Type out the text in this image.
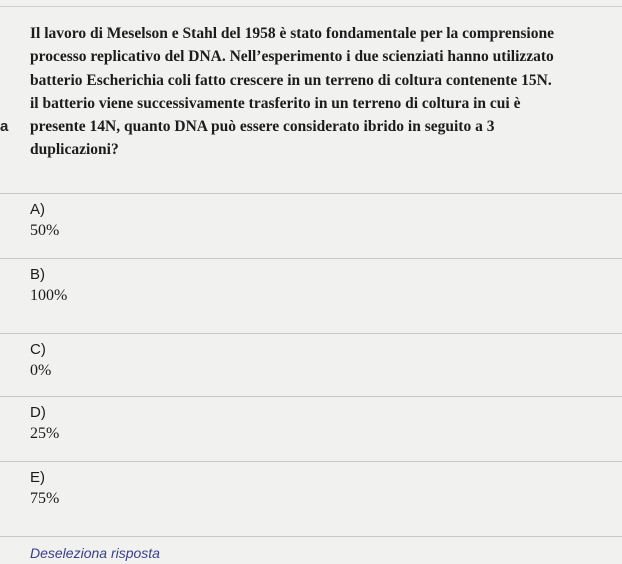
a
Il lavoro di Meselson e Stahl del 1958 è stato fondamentale per la comprensione
processo replicativo del DNA. Nell’esperimento i due scienziati hanno utilizzato
batterio Escherichia coli fatto crescere in un terreno di coltura contenente 15N.
il batterio viene successivamente trasferito in un terreno di coltura in cui è
presente 14N, quanto DNA può essere considerato ibrido in seguito a 3
duplicazioni?
A)
50%
B)
100%
C)
0%
D)
25%
E)
75%
Deseleziona risposta
